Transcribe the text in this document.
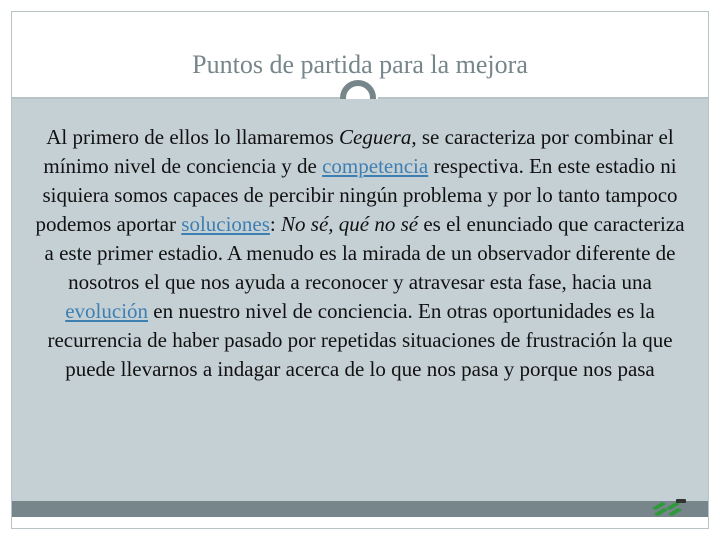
Puntos de partida para la mejora
Al primero de ellos lo llamaremos Ceguera, se caracteriza por combinar el mínimo nivel de conciencia y de competencia respectiva. En este estadio ni siquiera somos capaces de percibir ningún problema y por lo tanto tampoco podemos aportar soluciones: No sé, qué no sé es el enunciado que caracteriza a este primer estadio. A menudo es la mirada de un observador diferente de nosotros el que nos ayuda a reconocer y atravesar esta fase, hacia una evolución en nuestro nivel de conciencia. En otras oportunidades es la recurrencia de haber pasado por repetidas situaciones de frustración la que puede llevarnos a indagar acerca de lo que nos pasa y porque nos pasa
